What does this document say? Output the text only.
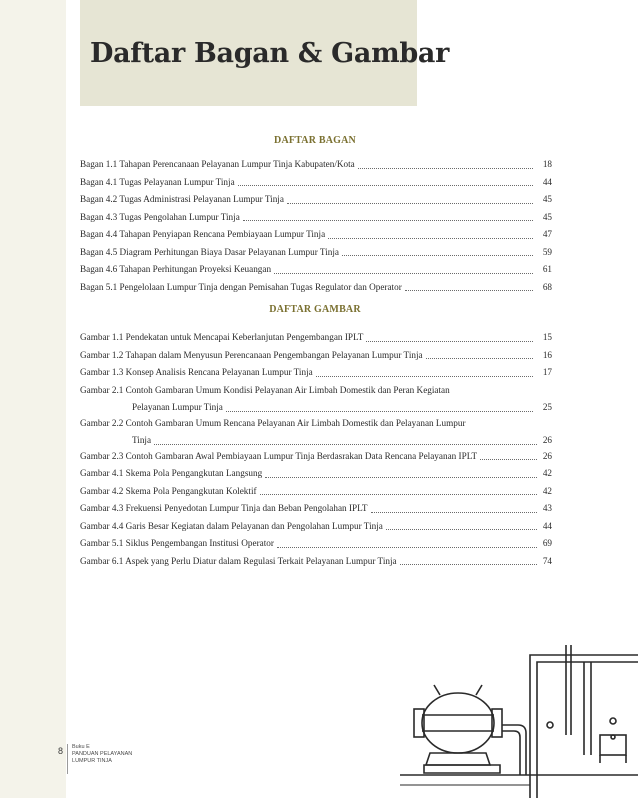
Daftar Bagan & Gambar
DAFTAR BAGAN
Bagan 1.1 Tahapan Perencanaan Pelayanan Lumpur Tinja Kabupaten/Kota	18
Bagan 4.1 Tugas Pelayanan Lumpur Tinja	44
Bagan 4.2 Tugas Administrasi Pelayanan Lumpur Tinja	45
Bagan 4.3 Tugas Pengolahan Lumpur Tinja	45
Bagan 4.4 Tahapan Penyiapan Rencana Pembiayaan Lumpur Tinja	47
Bagan 4.5 Diagram Perhitungan Biaya Dasar Pelayanan Lumpur Tinja	59
Bagan 4.6 Tahapan Perhitungan Proyeksi Keuangan	61
Bagan 5.1 Pengelolaan Lumpur Tinja dengan Pemisahan Tugas Regulator dan Operator	68
DAFTAR GAMBAR
Gambar 1.1 Pendekatan untuk Mencapai Keberlanjutan Pengembangan IPLT	15
Gambar 1.2 Tahapan dalam Menyusun Perencanaan Pengembangan Pelayanan Lumpur Tinja	16
Gambar 1.3 Konsep Analisis Rencana Pelayanan Lumpur Tinja	17
Gambar 2.1 Contoh Gambaran Umum Kondisi Pelayanan Air Limbah Domestik dan Peran Kegiatan
Pelayanan Lumpur Tinja	25
Gambar 2.2 Contoh Gambaran Umum Rencana Pelayanan Air Limbah Domestik dan Pelayanan Lumpur
Tinja	26
Gambar 2.3 Contoh Gambaran Awal Pembiayaan Lumpur Tinja Berdasrakan Data Rencana Pelayanan IPLT	26
Gambar 4.1 Skema Pola Pengangkutan Langsung	42
Gambar 4.2 Skema Pola Pengangkutan Kolektif	42
Gambar 4.3 Frekuensi Penyedotan Lumpur Tinja dan Beban Pengolahan IPLT	43
Gambar 4.4 Garis Besar Kegiatan dalam Pelayanan dan Pengolahan Lumpur Tinja	44
Gambar 5.1 Siklus Pengembangan Institusi Operator	69
Gambar 6.1 Aspek yang Perlu Diatur dalam Regulasi Terkait Pelayanan Lumpur Tinja	74
8 Buku E
PANDUAN PELAYANAN
LUMPUR TINJA
